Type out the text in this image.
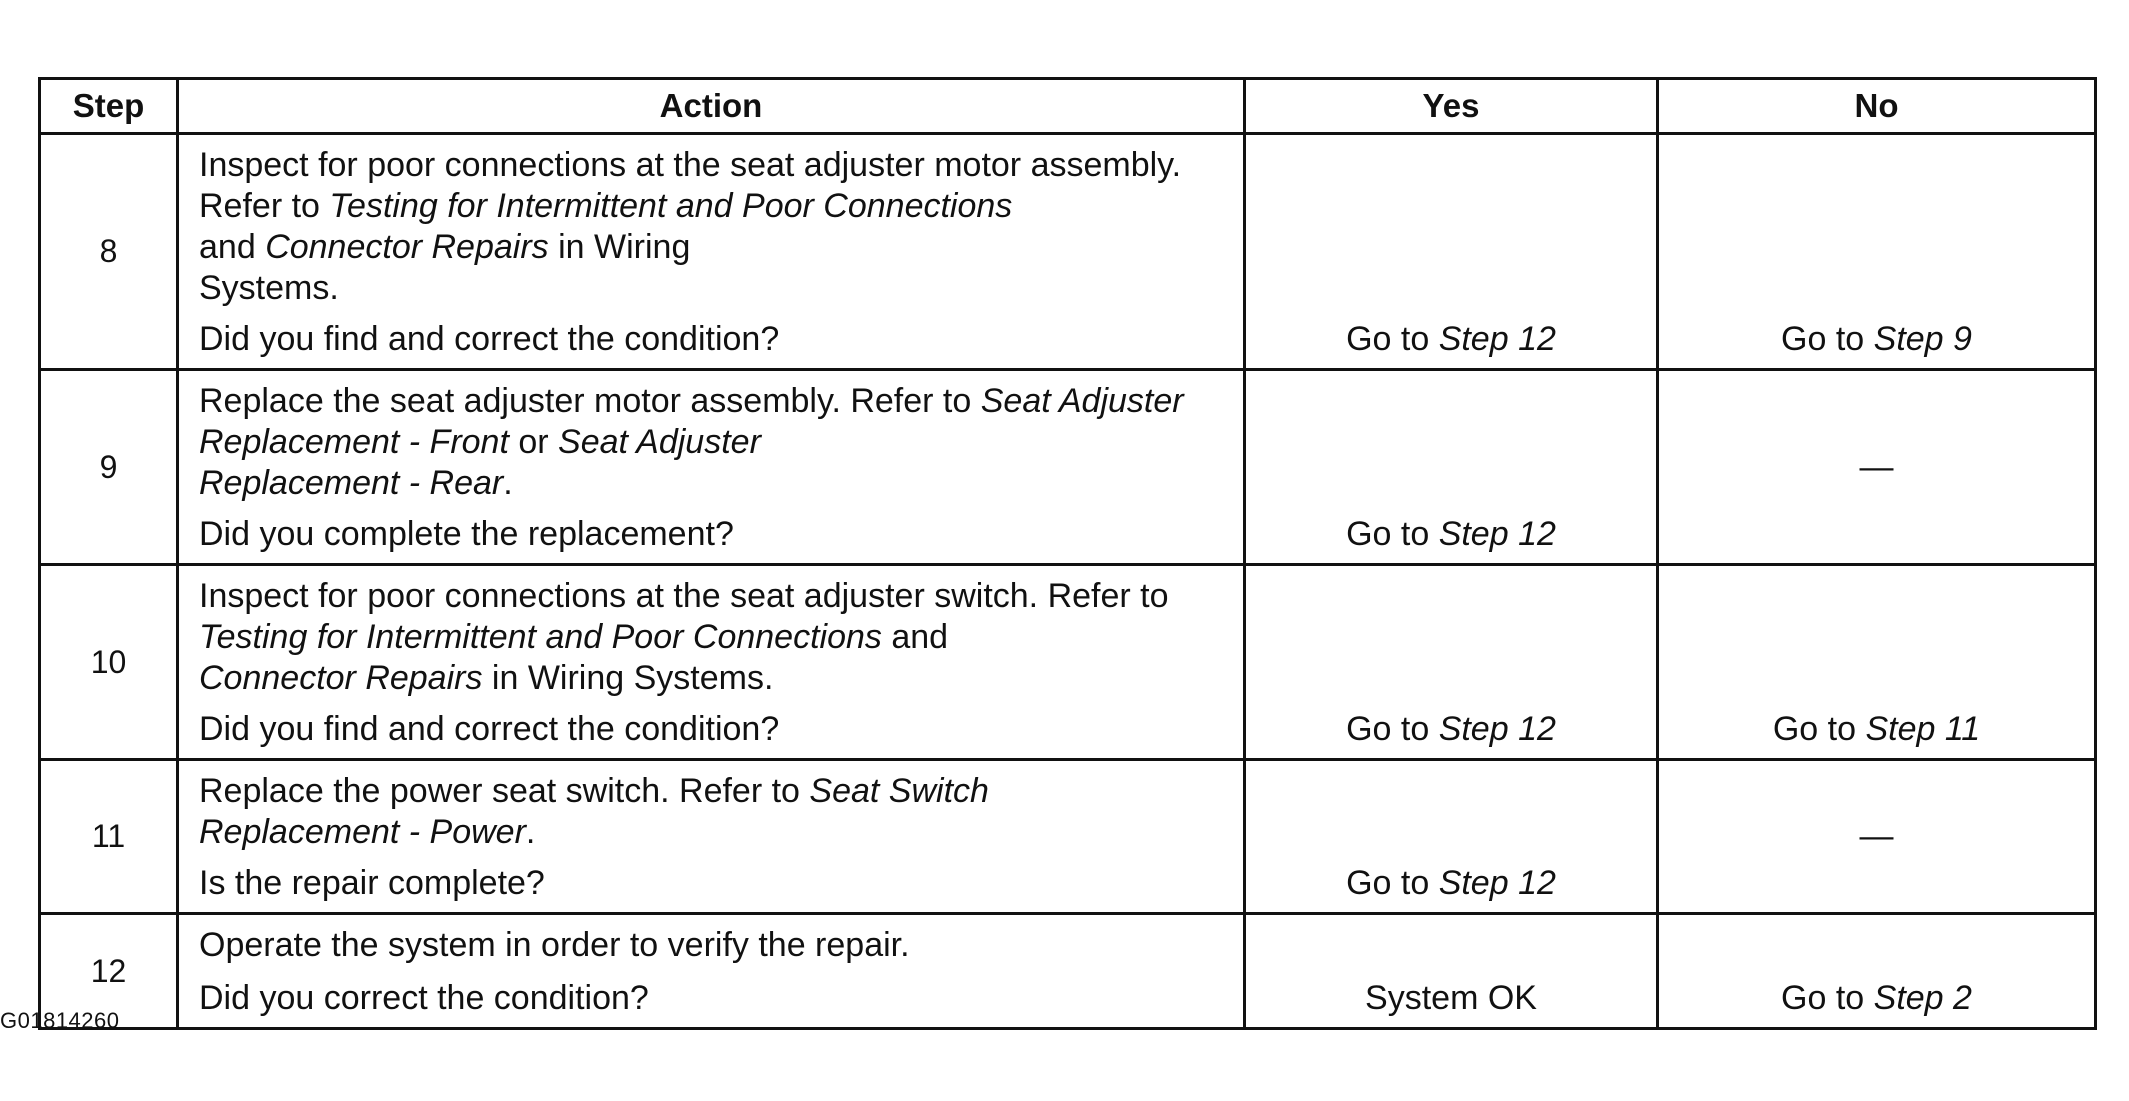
Step	Action	Yes	No
8	Inspect for poor connections at the seat adjuster motor assembly.
Refer to Testing for Intermittent and Poor Connections
and Connector Repairs in Wiring
Systems.
Did you find and correct the condition?	Go to Step 12	Go to Step 9
9	Replace the seat adjuster motor assembly. Refer to Seat Adjuster
Replacement - Front or Seat Adjuster
Replacement - Rear.
Did you complete the replacement?	Go to Step 12	—
10	Inspect for poor connections at the seat adjuster switch. Refer to
Testing for Intermittent and Poor Connections and
Connector Repairs in Wiring Systems.
Did you find and correct the condition?	Go to Step 12	Go to Step 11
11	Replace the power seat switch. Refer to Seat Switch
Replacement - Power.
Is the repair complete?	Go to Step 12	—
12	Operate the system in order to verify the repair.
Did you correct the condition?	System OK	Go to Step 2
G01814260
